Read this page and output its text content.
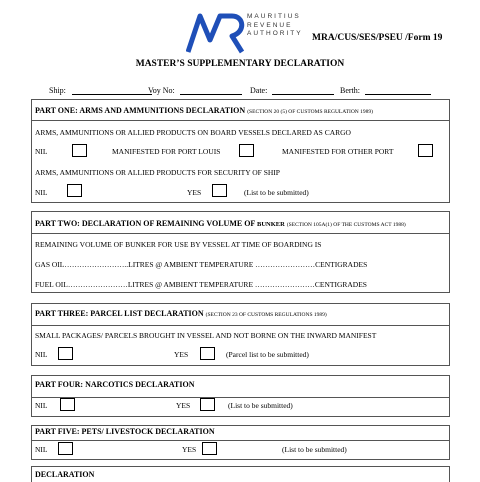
MAURITIUS
REVENUE
AUTHORITY MRA/CUS/SES/PSEU /Form 19
MASTER’S SUPPLEMENTARY DECLARATION
Ship:	Voy No:	Date:	Berth:
PART ONE: ARMS AND AMMUNITIONS DECLARATION (SECTION 20 (5) OF CUSTOMS REGULATION 1989)
ARMS, AMMUNITIONS OR ALLIED PRODUCTS ON BOARD VESSELS DECLARED AS CARGO
NIL	MANIFESTED FOR PORT LOUIS	MANIFESTED FOR OTHER PORT
ARMS, AMMUNITIONS OR ALLIED PRODUCTS FOR SECURITY OF SHIP
NIL	YES	(List to be submitted)
PART TWO: DECLARATION OF REMAINING VOLUME OF BUNKER (SECTION 105A(1) OF THE CUSTOMS ACT 1988)
REMAINING VOLUME OF BUNKER FOR USE BY VESSEL AT TIME OF BOARDING IS
GAS OIL……………………..LITRES @ AMBIENT TEMPERATURE ……………………CENTIGRADES
FUEL OIL……………………LITRES @ AMBIENT TEMPERATURE ……………………CENTIGRADES
PART THREE: PARCEL LIST DECLARATION (SECTION 23 OF CUSTOMS REGULATIONS 1989)
SMALL PACKAGES/ PARCELS BROUGHT IN VESSEL AND NOT BORNE ON THE INWARD MANIFEST
NIL	YES	(Parcel list to be submitted)
PART FOUR: NARCOTICS DECLARATION
NIL	YES	(List to be submitted)
PART FIVE: PETS/ LIVESTOCK DECLARATION
NIL	YES	(List to be submitted)
DECLARATION
